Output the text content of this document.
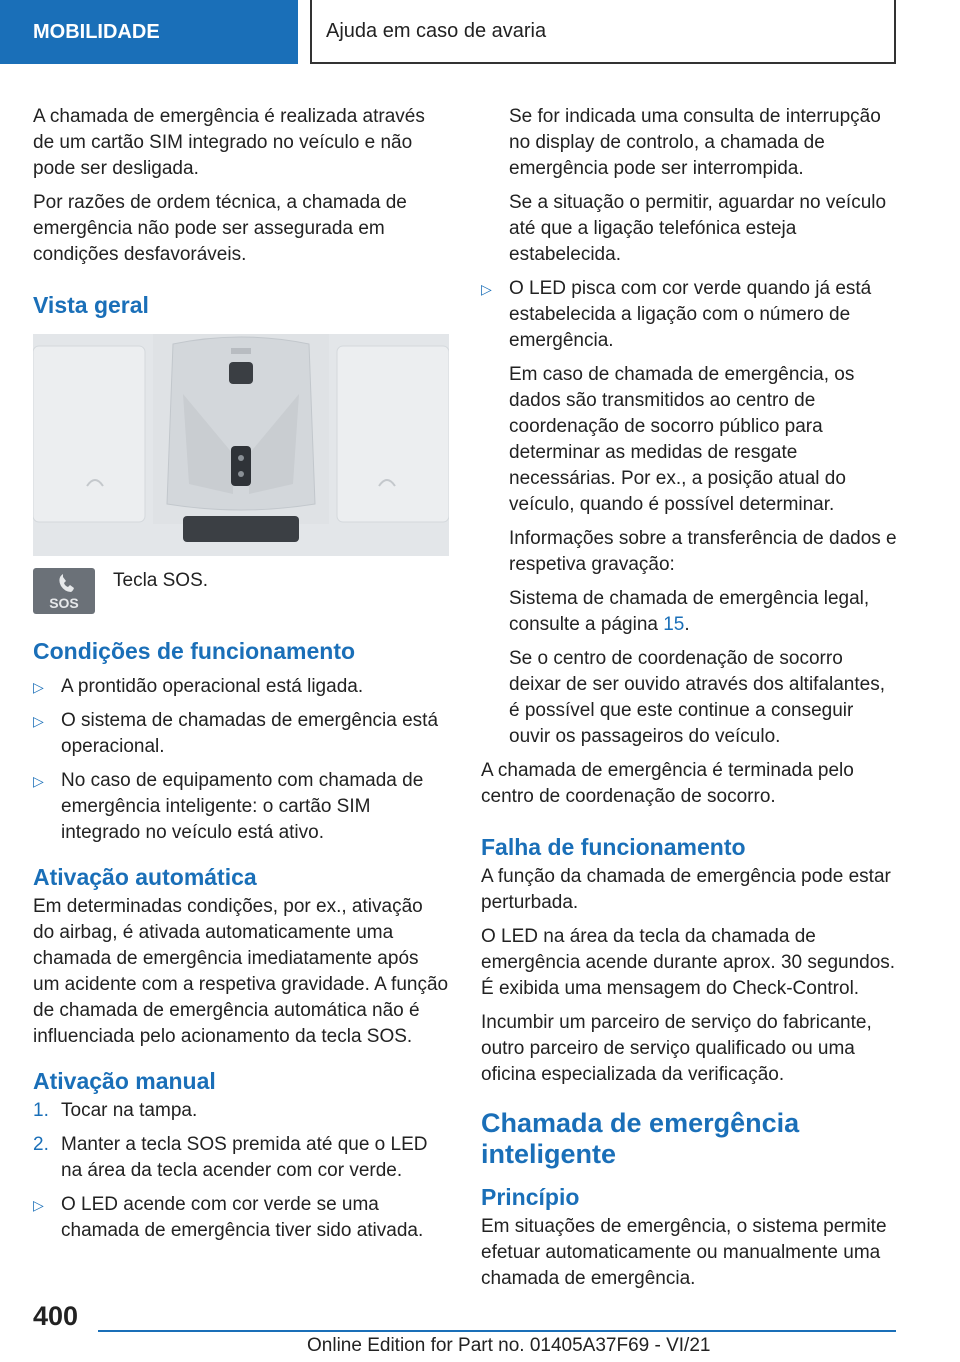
MOBILIDADE	Ajuda em caso de avaria

A chamada de emergência é realizada através de um cartão SIM integrado no veículo e não pode ser desligada.

Por razões de ordem técnica, a chamada de emergência não pode ser assegurada em condições desfavoráveis.

Vista geral
SOS
Tecla SOS.
Condições de funcionamento
▷ A prontidão operacional está ligada.
▷ O sistema de chamadas de emergência está operacional.
▷ No caso de equipamento com chamada de emergência inteligente: o cartão SIM integrado no veículo está ativo.
Ativação automática

Em determinadas condições, por ex., ativação do airbag, é ativada automaticamente uma chamada de emergência imediatamente após um acidente com a respetiva gravidade. A função de chamada de emergência automática não é influenciada pelo acionamento da tecla SOS.

Ativação manual
1. Tocar na tampa.
2. Manter a tecla SOS premida até que o LED na área da tecla acender com cor verde.
▷ O LED acende com cor verde se uma chamada de emergência tiver sido ativada.

Se for indicada uma consulta de interrupção no display de controlo, a chamada de emergência pode ser interrompida.

Se a situação o permitir, aguardar no veículo até que a ligação telefónica esteja estabelecida.

▷ O LED pisca com cor verde quando já está estabelecida a ligação com o número de emergência.

Em caso de chamada de emergência, os dados são transmitidos ao centro de coordenação de socorro público para determinar as medidas de resgate necessárias. Por ex., a posição atual do veículo, quando é possível determinar.

Informações sobre a transferência de dados e respetiva gravação:

Sistema de chamada de emergência legal, consulte a página 15.

Se o centro de coordenação de socorro deixar de ser ouvido através dos altifalantes, é possível que este continue a conseguir ouvir os passageiros do veículo.

A chamada de emergência é terminada pelo centro de coordenação de socorro.

Falha de funcionamento

A função da chamada de emergência pode estar perturbada.

O LED na área da tecla da chamada de emergência acende durante aprox. 30 segundos. É exibida uma mensagem do Check-Control.

Incumbir um parceiro de serviço do fabricante, outro parceiro de serviço qualificado ou uma oficina especializada da verificação.

Chamada de emergência inteligente
Princípio

Em situações de emergência, o sistema permite efetuar automaticamente ou manualmente uma chamada de emergência.

400
Online Edition for Part no. 01405A37F69 - VI/21
